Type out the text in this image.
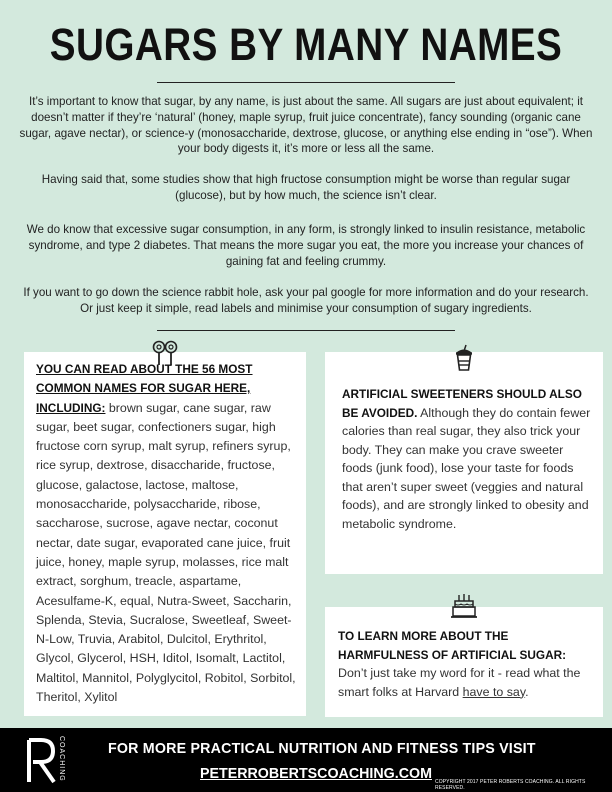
SUGARS BY MANY NAMES

It’s important to know that sugar, by any name, is just about the same. All sugars are just about equivalent; it doesn’t matter if they’re ‘natural’ (honey, maple syrup, fruit juice concentrate), fancy sounding (organic cane sugar, agave nectar), or science-y (monosaccharide, dextrose, glucose, or anything else ending in “ose”). When your body digests it, it’s more or less all the same.

Having said that, some studies show that high fructose consumption might be worse than regular sugar (glucose), but by how much, the science isn’t clear.

We do know that excessive sugar consumption, in any form, is strongly linked to insulin resistance, metabolic syndrome, and type 2 diabetes. That means the more sugar you eat, the more you increase your chances of gaining fat and feeling crummy.

If you want to go down the science rabbit hole, ask your pal google for more information and do your research. Or just keep it simple, read labels and minimise your consumption of sugary ingredients.

YOU CAN READ ABOUT THE 56 MOST COMMON NAMES FOR SUGAR HERE, INCLUDING: brown sugar, cane sugar, raw sugar, beet sugar, confectioners sugar, high fructose corn syrup, malt syrup, refiners syrup, rice syrup, dextrose, disaccharide, fructose, glucose, galactose, lactose, maltose, monosaccharide, polysaccharide, ribose, saccharose, sucrose, agave nectar, coconut nectar, date sugar, evaporated cane juice, fruit juice, honey, maple syrup, molasses, rice malt extract, sorghum, treacle, aspartame, Acesulfame-K, equal, Nutra-Sweet, Saccharin, Splenda, Stevia, Sucralose, Sweetleaf, Sweet-N-Low, Truvia, Arabitol, Dulcitol, Erythritol, Glycol, Glycerol, HSH, Iditol, Isomalt, Lactitol, Maltitol, Mannitol, Polyglycitol, Robitol, Sorbitol, Theritol, Xylitol

ARTIFICIAL SWEETENERS SHOULD ALSO BE AVOIDED. Although they do contain fewer calories than real sugar, they also trick your body. They can make you crave sweeter foods (junk food), lose your taste for foods that aren’t super sweet (veggies and natural foods), and are strongly linked to obesity and metabolic syndrome.

TO LEARN MORE ABOUT THE HARMFULNESS OF ARTIFICIAL SUGAR: Don’t just take my word for it - read what the smart folks at Harvard have to say.

COACHING	FOR MORE PRACTICAL NUTRITION AND FITNESS TIPS VISIT

PETERROBERTSCOACHING.COM COPYRIGHT 2017 PETER ROBERTS COACHING. ALL RIGHTS RESERVED.
